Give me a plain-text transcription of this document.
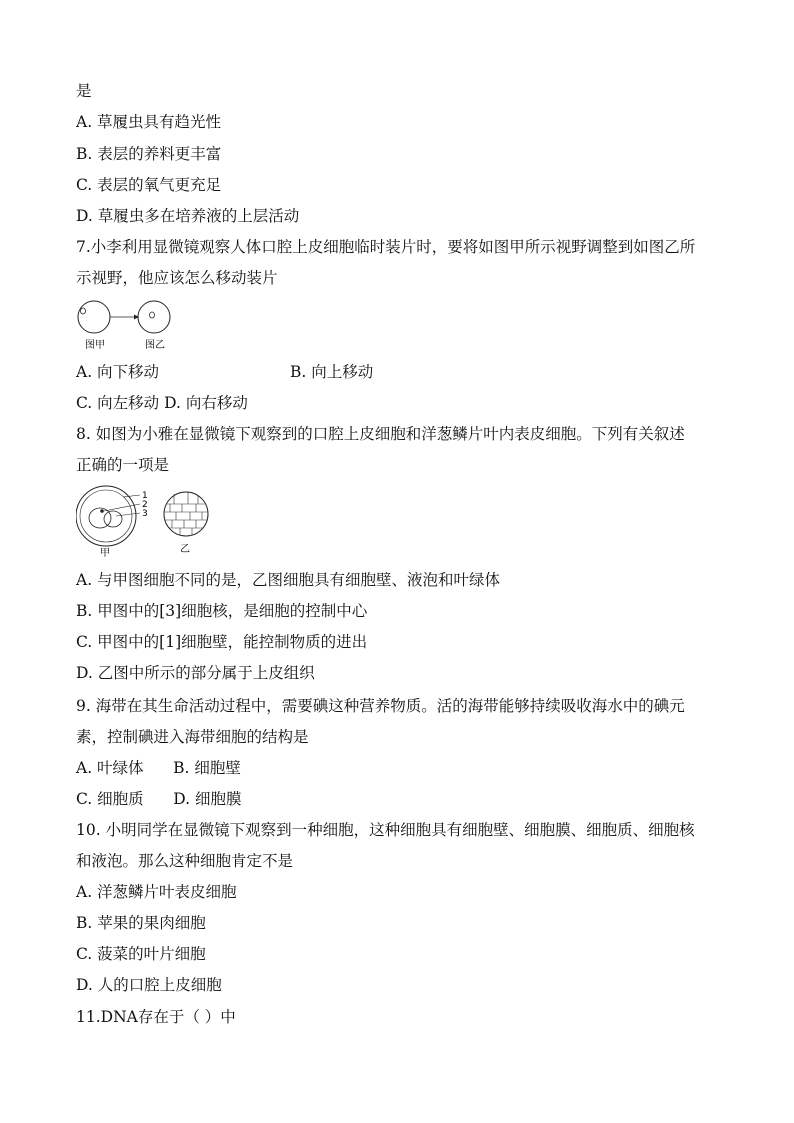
是
A. 草履虫具有趋光性
B. 表层的养料更丰富
C. 表层的氧气更充足
D. 草履虫多在培养液的上层活动
7.小李利用显微镜观察人体口腔上皮细胞临时装片时，要将如图甲所示视野调整到如图乙所
示视野，他应该怎么移动装片
图甲	图乙
A. 向下移动	B. 向上移动
C. 向左移动 D. 向右移动
8. 如图为小雅在显微镜下观察到的口腔上皮细胞和洋葱鳞片叶内表皮细胞。下列有关叙述
正确的一项是
1
2
3
甲	乙
A. 与甲图细胞不同的是，乙图细胞具有细胞壁、液泡和叶绿体
B. 甲图中的[3]细胞核，是细胞的控制中心
C. 甲图中的[1]细胞壁，能控制物质的进出
D. 乙图中所示的部分属于上皮组织
9. 海带在其生命活动过程中，需要碘这种营养物质。活的海带能够持续吸收海水中的碘元
素，控制碘进入海带细胞的结构是
A. 叶绿体      B. 细胞壁
C. 细胞质      D. 细胞膜
10. 小明同学在显微镜下观察到一种细胞，这种细胞具有细胞壁、细胞膜、细胞质、细胞核
和液泡。那么这种细胞肯定不是
A. 洋葱鳞片叶表皮细胞
B. 苹果的果肉细胞
C. 菠菜的叶片细胞
D. 人的口腔上皮细胞
11.DNA存在于（ ）中
